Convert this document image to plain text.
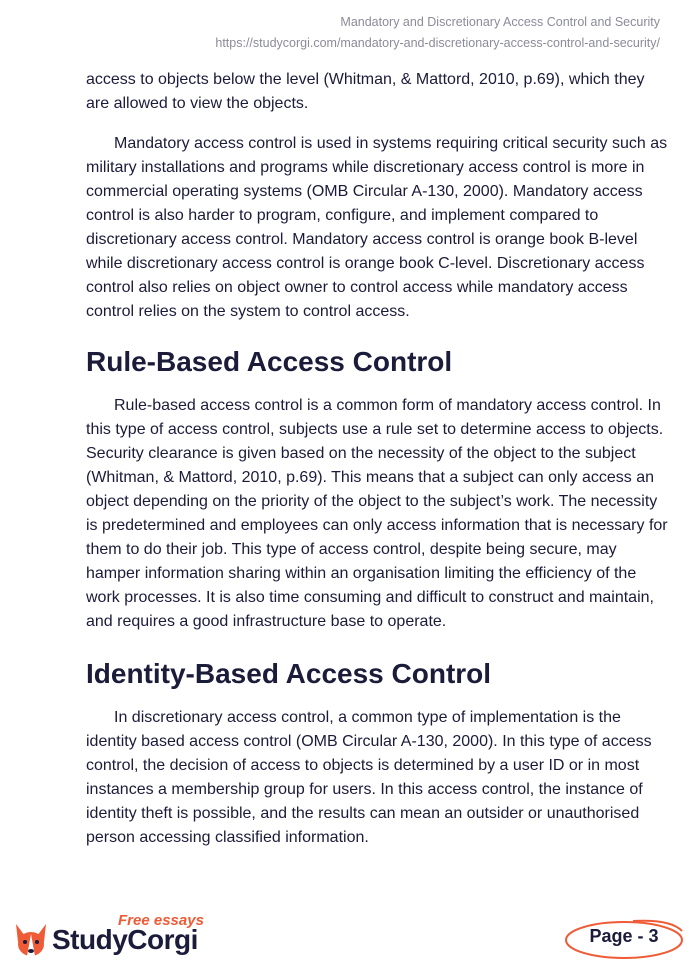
Mandatory and Discretionary Access Control and Security
https://studycorgi.com/mandatory-and-discretionary-access-control-and-security/

access to objects below the level (Whitman, & Mattord, 2010, p.69), which they are allowed to view the objects.

Mandatory access control is used in systems requiring critical security such as military installations and programs while discretionary access control is more in commercial operating systems (OMB Circular A-130, 2000). Mandatory access control is also harder to program, configure, and implement compared to discretionary access control. Mandatory access control is orange book B-level while discretionary access control is orange book C-level. Discretionary access control also relies on object owner to control access while mandatory access control relies on the system to control access.

Rule-Based Access Control

Rule-based access control is a common form of mandatory access control. In this type of access control, subjects use a rule set to determine access to objects. Security clearance is given based on the necessity of the object to the subject (Whitman, & Mattord, 2010, p.69). This means that a subject can only access an object depending on the priority of the object to the subject’s work. The necessity is predetermined and employees can only access information that is necessary for them to do their job. This type of access control, despite being secure, may hamper information sharing within an organisation limiting the efficiency of the work processes. It is also time consuming and difficult to construct and maintain, and requires a good infrastructure base to operate.

Identity-Based Access Control

In discretionary access control, a common type of implementation is the identity based access control (OMB Circular A-130, 2000). In this type of access control, the decision of access to objects is determined by a user ID or in most instances a membership group for users. In this access control, the instance of identity theft is possible, and the results can mean an outsider or unauthorised person accessing classified information.

Free essays
StudyCorgi	Page - 3
